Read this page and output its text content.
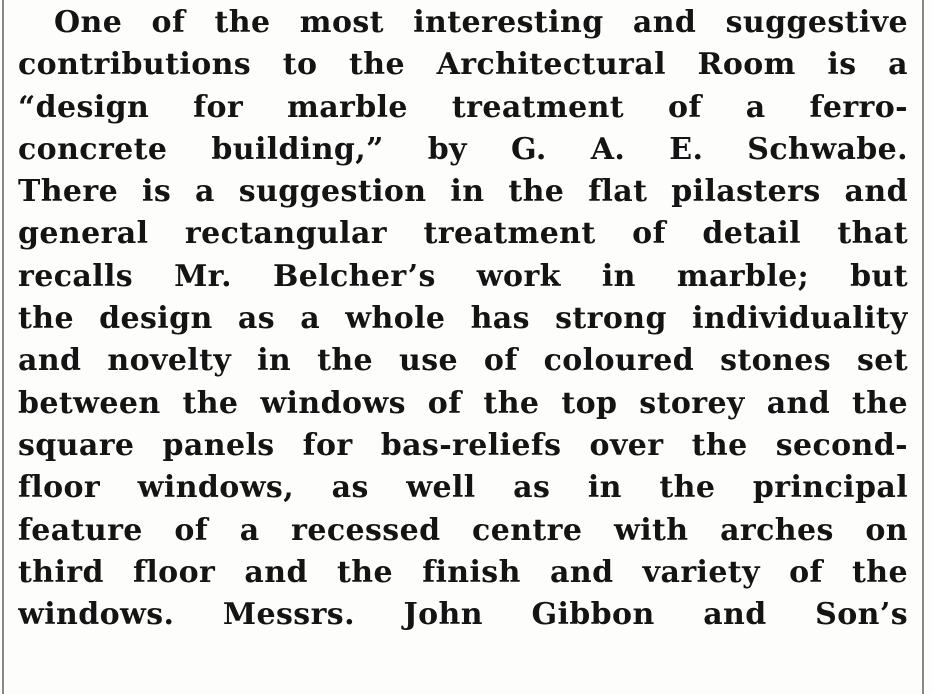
One of the most interesting and suggestive
contributions to the Architectural Room is a
“design for marble treatment of a ferro-
concrete building,” by G. A. E. Schwabe.
There is a suggestion in the flat pilasters and
general rectangular treatment of detail that
recalls Mr. Belcher’s work in marble; but
the design as a whole has strong individuality
and novelty in the use of coloured stones set
between the windows of the top storey and the
square panels for bas-reliefs over the second-
floor windows, as well as in the principal
feature of a recessed centre with arches on
third floor and the finish and variety of the
windows. Messrs. John Gibbon and Son’s
